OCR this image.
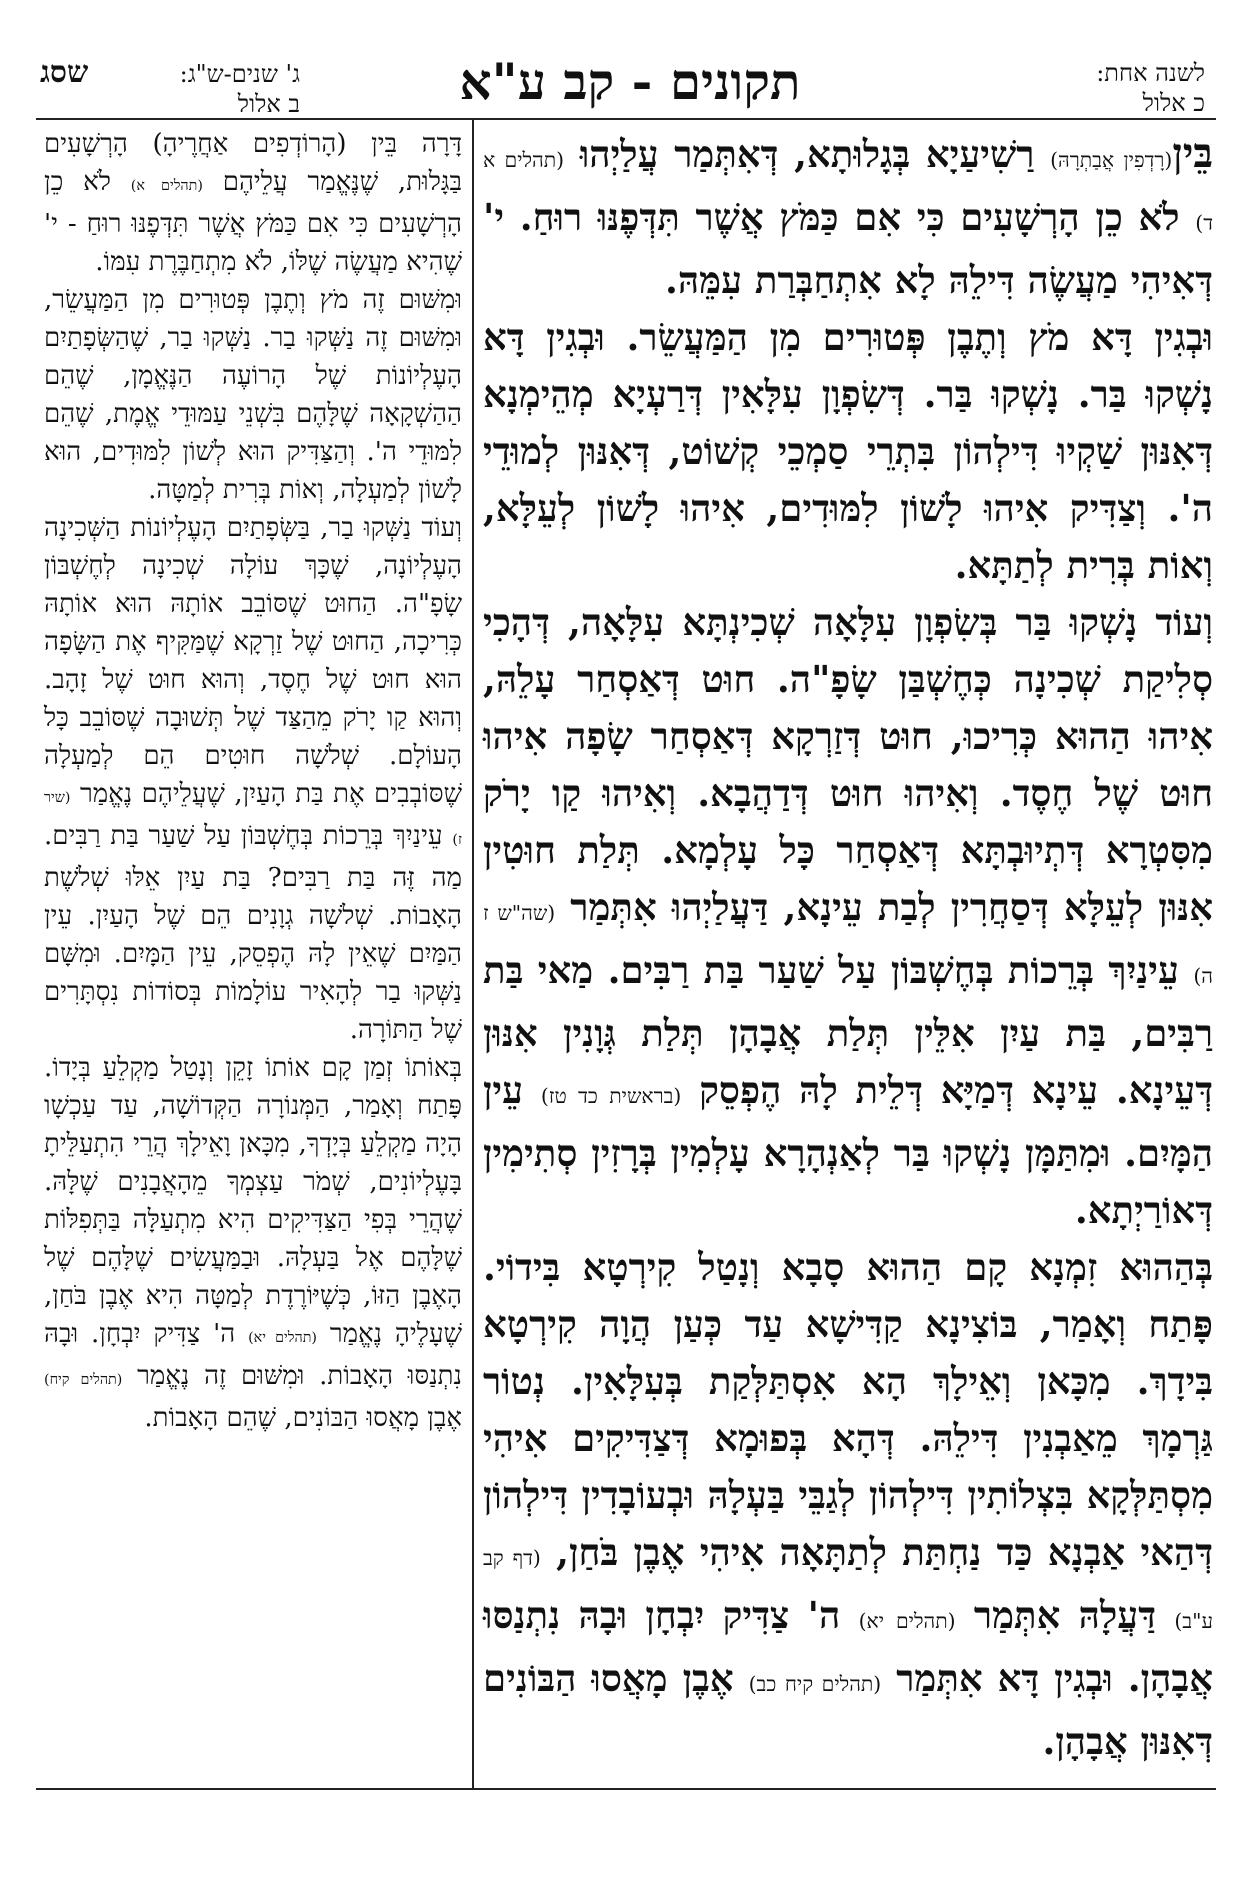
לשנה אחת:
כ אלול
תקונים - קב ע"א
ג' שנים-ש"ג:
שסג
ב אלול

בֵּין(רָדְפִין אֲבַתְרָהּ) רַשִׁיעַיָא בְּגָלוּתָא, דְּאִתְּמַר עֲלַיְהוּ (תהלים א ד) לֹא כֵן הָרְשָׁעִים כִּי אִם כַּמֹּץ אֲשֶׁר תִּדְּפֶנּוּ רוּחַ. י' דְּאִיהִי מַעֲשֶׂה דִּילֵהּ לָא אִתְחַבְּרַת עִמֵּהּ.

וּבְגִין דָּא מֹץ וְתֶבֶן פְּטוּרִים מִן הַמַּעֲשֵׂר. וּבְגִין דָּא נָשְׁקוּ בַּר. נָשְׁקוּ בַּר. דְּשִׂפְוָן עִלָּאִין דְּרַעְיָא מְהֵימְנָא דְּאִנּוּן שַׁקְיוּ דִּילְהוֹן בִּתְרֵי סַמְכֵי קְשׁוֹט, דְּאִנּוּן לְמוּדֵי ה'. וְצַדִּיק אִיהוּ לָשׁוֹן לִמּוּדִים, אִיהוּ לָשׁוֹן לְעֵלָּא, וְאוֹת בְּרִית לְתַתָּא.

וְעוֹד נָשְׁקוּ בַּר בְּשִׂפְוָן עִלָּאָה שְׁכִינְתָּא עִלָּאָה, דְּהָכִי סְלִיקַת שְׁכִינָה כְּחֶשְׁבַּן שָׂפָ"ה. חוּט דְּאַסְחַר עָלֵהּ, אִיהוּ הַהוּא כְּרִיכוּ, חוּט דְּזַרְקָא דְּאַסְחַר שָׂפָה אִיהוּ חוּט שֶׁל חֶסֶד. וְאִיהוּ חוּט דְּדַהֲבָא. וְאִיהוּ קַו יָרֹק מִסִּטְרָא דְּתְיוּבְתָּא דְּאַסְחַר כָּל עָלְמָא. תְּלַת חוּטִין אִנּוּן לְעֵלָּא דְּסַחֲרִין לְבַת עֵינָא, דַּעֲלַיְהוּ אִתְּמַר (שה"ש ז ה) עֵינַיִךְ בְּרֵכוֹת בְּחֶשְׁבּוֹן עַל שַׁעַר בַּת רַבִּים. מַאי בַּת רַבִּים, בַּת עַיִן אִלֵּין תְּלַת אֲבָהָן תְּלַת גְּוָנִין אִנּוּן דְּעֵינָא. עֵינָא דְּמַיָּא דְּלֵית לָהּ הֶפְסֵק (בראשית כד טז) עֵין הַמָּיִם. וּמִתַּמָּן נָשְׁקוּ בַּר לְאַנְהָרָא עָלְמִין בְּרָזִין סְתִימִין דְּאוֹרַיְתָא.

בְּהַהוּא זִמְנָא קָם הַהוּא סָבָא וְנָטַל קִירְטָא בִּידוֹי. פָּתַח וְאָמַר, בּוֹצִינָא קַדִּישָׁא עַד כְּעַן הֲוָה קִירְטָא בִּידָךְ. מִכָּאן וְאֵילָךְ הָא אִסְתַּלְּקַת בְּעִלָּאִין. נְטוֹר גַּרְמָךְ מֵאַבְנִין דִּילֵהּ. דְּהָא בְּפוּמָא דְּצַדִּיקִים אִיהִי מִסְתַּלְּקָא בִּצְלוֹתִין דִּילְהוֹן לְגַבֵּי בַּעְלָהּ וּבְעוֹבָדִין דִּילְהוֹן דְּהַאי אַבְנָא כַּד נַחְתַּת לְתַתָּאָה אִיהִי אֶבֶן בֹּחַן, (דף קב ע"ב) דַּעֲלָהּ אִתְּמַר (תהלים יא) ה' צַדִּיק יִבְחָן וּבָהּ נִתְנַסּוּ אֲבָהָן. וּבְגִין דָּא אִתְּמַר (תהלים קיח כב) אֶבֶן מָאֲסוּ הַבּוֹנִים דְּאִנּוּן אֲבָהָן.

דָּרָה בֵּין (הָרוֹדְפִים אַחֲרֶיהָ) הָרְשָׁעִים בַּגָּלוּת, שֶׁנֶּאֱמַר עֲלֵיהֶם (תהלים א) לֹא כֵן הָרְשָׁעִים כִּי אִם כַּמֹּץ אֲשֶׁר תִּדְּפֶנּוּ רוּחַ - י' שֶׁהִיא מַעֲשֶׂה שֶׁלּוֹ, לֹא מִתְחַבֶּרֶת עִמּוֹ.

וּמִשּׁוּם זֶה מֹץ וְתֶבֶן פְּטוּרִים מִן הַמַּעֲשֵׂר, וּמִשּׁוּם זֶה נַשְּׁקוּ בַר. נַשְּׁקוּ בַר, שֶׁהַשְּׂפָתַיִם הָעֶלְיוֹנוֹת שֶׁל הָרוֹעֶה הַנֶּאֱמָן, שֶׁהֵם הַהַשְׁקָאָה שֶׁלָּהֶם בִּשְׁנֵי עַמּוּדֵי אֱמֶת, שֶׁהֵם לִמּוּדֵי ה'. וְהַצַּדִּיק הוּא לְשׁוֹן לִמּוּדִים, הוּא לָשׁוֹן לְמַעְלָה, וְאוֹת בְּרִית לְמַטָּה.

וְעוֹד נַשְּׁקוּ בַר, בַּשְּׂפָתַיִם הָעֶלְיוֹנוֹת הַשְּׁכִינָה הָעֶלְיוֹנָה, שֶׁכָּךְ עוֹלָה שְׁכִינָה לְחֶשְׁבּוֹן שָׂפָ"ה. הַחוּט שֶׁסּוֹבֵב אוֹתָהּ הוּא אוֹתָהּ כְּרִיכָה, הַחוּט שֶׁל זַרְקָא שֶׁמַּקִּיף אֶת הַשָּׂפָה הוּא חוּט שֶׁל חֶסֶד, וְהוּא חוּט שֶׁל זָהָב. וְהוּא קַו יָרֹק מֵהַצַּד שֶׁל תְּשׁוּבָה שֶׁסּוֹבֵב כָּל הָעוֹלָם. שְׁלֹשָׁה חוּטִים הֵם לְמַעְלָה שֶׁסּוֹבְבִים אֶת בַּת הָעַיִן, שֶׁעֲלֵיהֶם נֶאֱמַר (שיר ז) עֵינַיִךְ בְּרֵכוֹת בְּחֶשְׁבּוֹן עַל שַׁעַר בַּת רַבִּים. מַה זֶּה בַּת רַבִּים? בַּת עַיִן אֵלּוּ שְׁלֹשֶׁת הָאָבוֹת. שְׁלֹשָׁה גְוָנִים הֵם שֶׁל הָעַיִן. עֵין הַמַּיִם שֶׁאֵין לָהּ הֶפְסֵק, עֵין הַמָּיִם. וּמִשָּׁם נַשְּׁקוּ בַר לְהָאִיר עוֹלָמוֹת בְּסוֹדוֹת נִסְתָּרִים שֶׁל הַתּוֹרָה.

בְּאוֹתוֹ זְמַן קָם אוֹתוֹ זָקֵן וְנָטַל מַקְלֵעַ בְּיָדוֹ. פָּתַח וְאָמַר, הַמְּנוֹרָה הַקְּדוֹשָׁה, עַד עַכְשָׁו הָיָה מַקְלֵעַ בְּיָדְךָ, מִכָּאן וָאֵילָךְ הֲרֵי הִתְעַלֵּיתָ בָּעֶלְיוֹנִים, שְׁמֹר עַצְמְךָ מֵהָאֲבָנִים שֶׁלָּהּ. שֶׁהֲרֵי בְּפִי הַצַּדִּיקִים הִיא מִתְעַלָּה בַּתְּפִלּוֹת שֶׁלָּהֶם אֶל בַּעְלָהּ. וּבַמַּעֲשִׂים שֶׁלָּהֶם שֶׁל הָאֶבֶן הַזּוֹ, כְּשֶׁיּוֹרֶדֶת לְמַטָּה הִיא אֶבֶן בֹּחַן, שֶׁעָלֶיהָ נֶאֱמַר (תהלים יא) ה' צַדִּיק יִבְחָן. וּבָהּ נִתְנַסּוּ הָאָבוֹת. וּמִשּׁוּם זֶה נֶאֱמַר (תהלים קיח) אֶבֶן מָאֲסוּ הַבּוֹנִים, שֶׁהֵם הָאָבוֹת.
